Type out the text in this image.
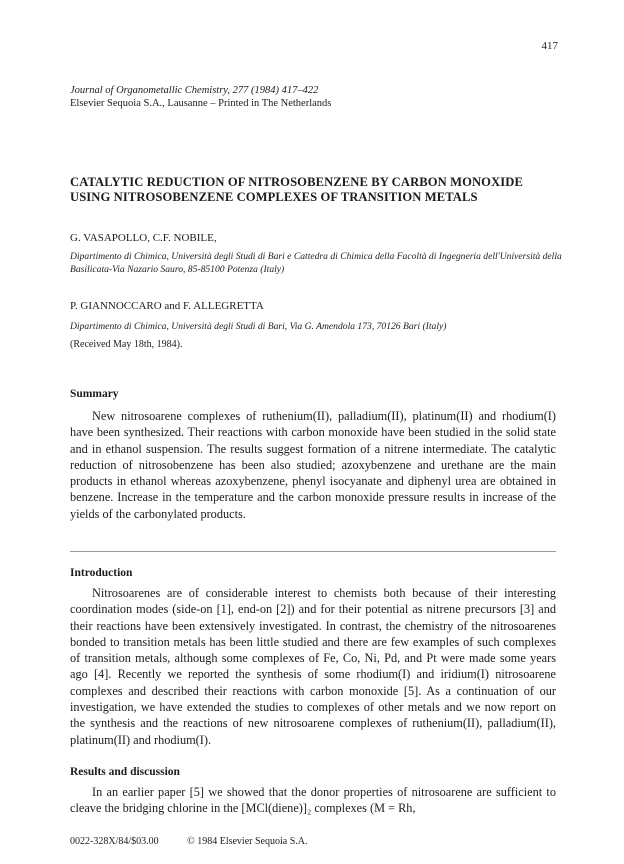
417
Journal of Organometallic Chemistry, 277 (1984) 417–422
Elsevier Sequoia S.A., Lausanne – Printed in The Netherlands
CATALYTIC REDUCTION OF NITROSOBENZENE BY CARBON MONOXIDE
USING NITROSOBENZENE COMPLEXES OF TRANSITION METALS
G. VASAPOLLO, C.F. NOBILE,
Dipartimento di Chimica, Università degli Studi di Bari e Cattedra di Chimica della Facoltà di Ingegneria dell'Università della Basilicata-Via Nazario Sauro, 85-85100 Potenza (Italy)
P. GIANNOCCARO and F. ALLEGRETTA
Dipartimento di Chimica, Università degli Studi di Bari, Via G. Amendola 173, 70126 Bari (Italy)
(Received May 18th, 1984).
Summary
New nitrosoarene complexes of ruthenium(II), palladium(II), platinum(II) and rhodium(I) have been synthesized. Their reactions with carbon monoxide have been studied in the solid state and in ethanol suspension. The results suggest formation of a nitrene intermediate. The catalytic reduction of nitrosobenzene has been also studied; azoxybenzene and urethane are the main products in ethanol whereas azoxybenzene, phenyl isocyanate and diphenyl urea are obtained in benzene. Increase in the temperature and the carbon monoxide pressure results in increase of the yields of the carbonylated products.
Introduction
Nitrosoarenes are of considerable interest to chemists both because of their interesting coordination modes (side-on [1], end-on [2]) and for their potential as nitrene precursors [3] and their reactions have been extensively investigated. In contrast, the chemistry of the nitrosoarenes bonded to transition metals has been little studied and there are few examples of such complexes of transition metals, although some complexes of Fe, Co, Ni, Pd, and Pt were made some years ago [4]. Recently we reported the synthesis of some rhodium(I) and iridium(I) nitrosoarene complexes and described their reactions with carbon monoxide [5]. As a continuation of our investigation, we have extended the studies to complexes of other metals and we now report on the synthesis and the reactions of new nitrosoarene complexes of ruthenium(II), palladium(II), platinum(II) and rhodium(I).
Results and discussion
In an earlier paper [5] we showed that the donor properties of nitrosoarene are sufficient to cleave the bridging chlorine in the [MCl(diene)]₂ complexes (M = Rh,
0022-328X/84/$03.00	© 1984 Elsevier Sequoia S.A.
